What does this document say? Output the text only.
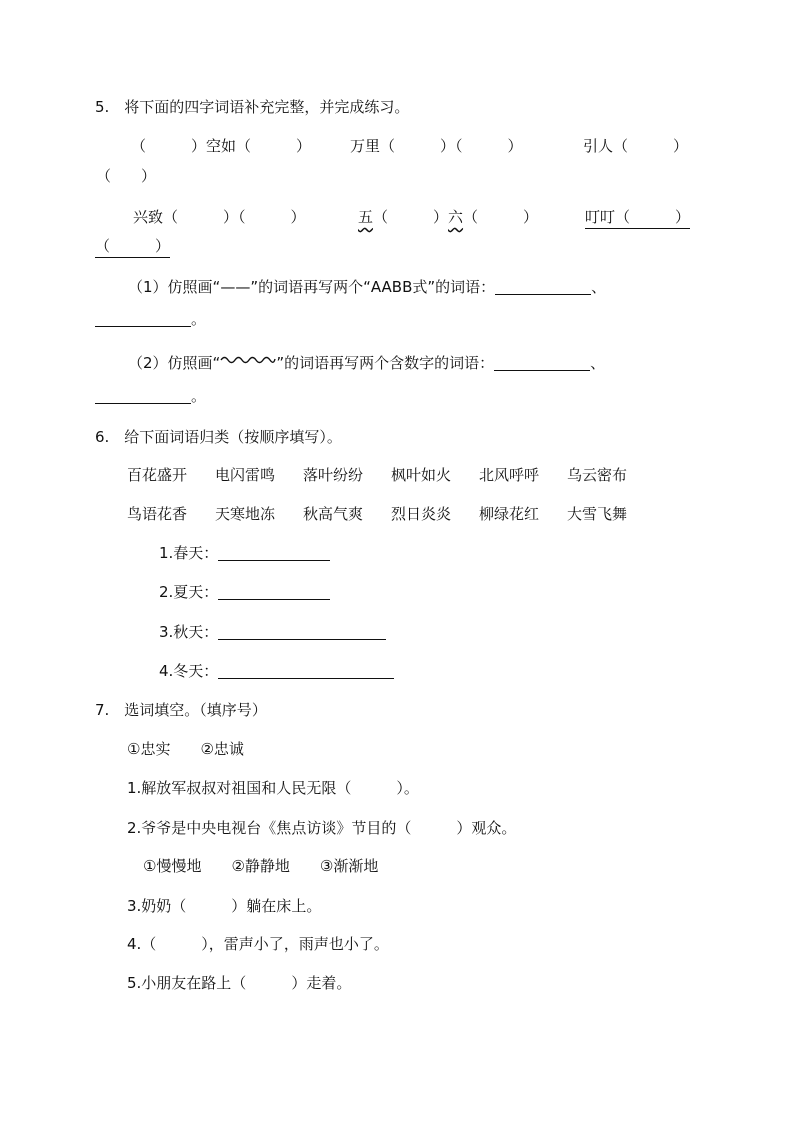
5.　将下面的四字词语补充完整，并完成练习。
（　　　）空如（　　　）	万里（　　　）（　　　）	引人（　　　）
（　　）
兴致（　　　）（　　　）	五（　　　）六（　　　）	叮叮（　　　）
（　　　）
（1）仿照画“——”的词语再写两个“AABB式”的词语：	、
。
（2）仿照画“	”的词语再写两个含数字的词语：	、
。
6.　给下面词语归类（按顺序填写）。
百花盛开 电闪雷鸣 落叶纷纷 枫叶如火 北风呼呼 乌云密布
鸟语花香 天寒地冻 秋高气爽 烈日炎炎 柳绿花红 大雪飞舞
1.春天：
2.夏天：
3.秋天：
4.冬天：
7.　选词填空。（填序号）
①忠实　　②忠诚
1.解放军叔叔对祖国和人民无限（　　　）。
2.爷爷是中央电视台《焦点访谈》节目的（　　　）观众。
①慢慢地　　②静静地　　③渐渐地
3.奶奶（　　　）躺在床上。
4.（　　　），雷声小了，雨声也小了。
5.小朋友在路上（　　　）走着。
